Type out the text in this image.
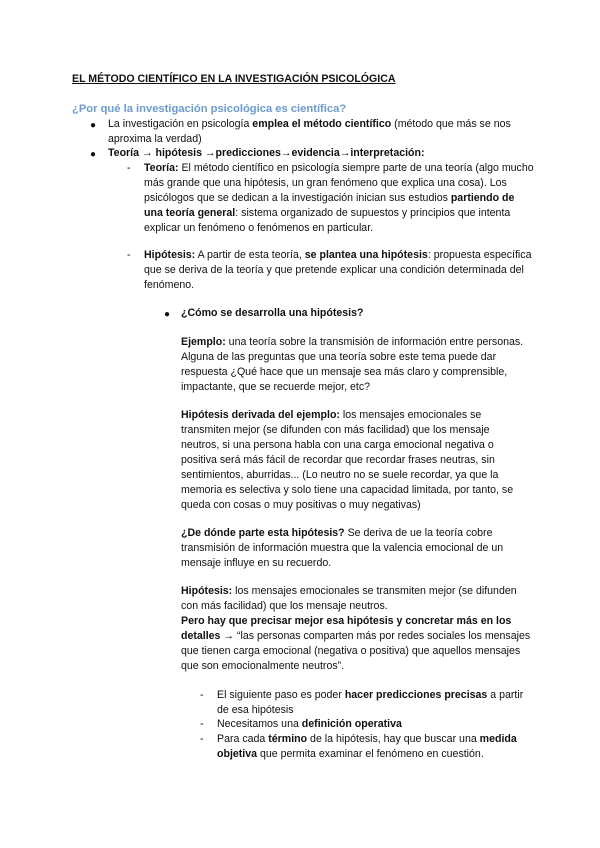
EL MÉTODO CIENTÍFICO EN LA INVESTIGACIÓN PSICOLÓGICA
¿Por qué la investigación psicológica es científica?
● La investigación en psicología emplea el método científico (método que más se nos aproxima la verdad)

● Teoría → hipótesis →predicciones→evidencia→interpretación:

- Teoría: El método científico en psicología siempre parte de una teoría (algo mucho más grande que una hipótesis, un gran fenómeno que explica una cosa). Los psicólogos que se dedican a la investigación inician sus estudios partiendo de una teoría general: sistema organizado de supuestos y principios que intenta explicar un fenómeno o fenómenos en particular.

- Hipótesis: A partir de esta teoría, se plantea una hipótesis: propuesta específica que se deriva de la teoría y que pretende explicar una condición determinada del fenómeno.

● ¿Cómo se desarrolla una hipótesis?

Ejemplo: una teoría sobre la transmisión de información entre personas. Alguna de las preguntas que una teoría sobre este tema puede dar respuesta ¿Qué hace que un mensaje sea más claro y comprensible, impactante, que se recuerde mejor, etc?

Hipótesis derivada del ejemplo: los mensajes emocionales se transmiten mejor (se difunden con más facilidad) que los mensaje neutros, si una persona habla con una carga emocional negativa o positiva será más fácil de recordar que recordar frases neutras, sin sentimientos, aburridas... (Lo neutro no se suele recordar, ya que la memoria es selectiva y solo tiene una capacidad limitada, por tanto, se queda con cosas o muy positivas o muy negativas)

¿De dónde parte esta hipótesis? Se deriva de ue la teoría cobre transmisión de información muestra que la valencia emocional de un mensaje influye en su recuerdo.

Hipótesis: los mensajes emocionales se transmiten mejor (se difunden con más facilidad) que los mensaje neutros.
Pero hay que precisar mejor esa hipótesis y concretar más en los detalles → “las personas comparten más por redes sociales los mensajes que tienen carga emocional (negativa o positiva) que aquellos mensajes que son emocionalmente neutros”.

- El siguiente paso es poder hacer predicciones precisas a partir de esa hipótesis

- Necesitamos una definición operativa

- Para cada término de la hipótesis, hay que buscar una medida objetiva que permita examinar el fenómeno en cuestión.
